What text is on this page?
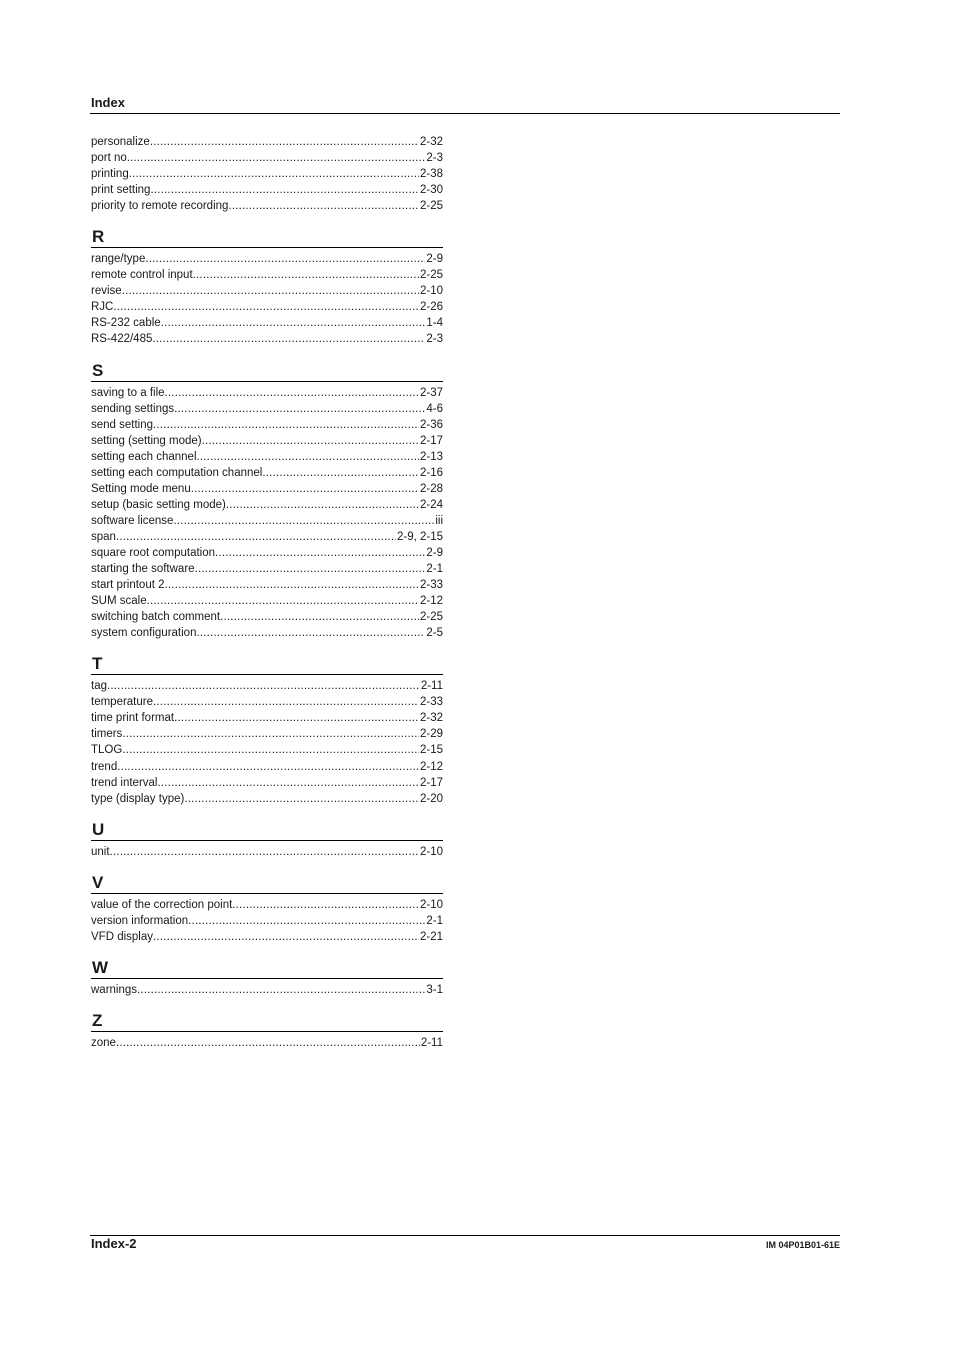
Index
personalize .....	2-32
port no. .....	2-3
printing .....	2-38
print setting .....	2-30
priority to remote recording .....	2-25
R
range/type .....	2-9
remote control input .....	2-25
revise .....	2-10
RJC .....	2-26
RS-232 cable .....	1-4
RS-422/485 .....	2-3
S
saving to a file .....	2-37
sending settings .....	4-6
send setting .....	2-36
setting (setting mode) .....	2-17
setting each channel .....	2-13
setting each computation channel .....	2-16
Setting mode menu .....	2-28
setup (basic setting mode) .....	2-24
software license .....	iii
span .....	2-9, 2-15
square root computation .....	2-9
starting the software .....	2-1
start printout 2 .....	2-33
SUM scale .....	2-12
switching batch comment .....	2-25
system configuration .....	2-5
T
tag .....	2-11
temperature .....	2-33
time print format .....	2-32
timers .....	2-29
TLOG .....	2-15
trend .....	2-12
trend interval .....	2-17
type (display type) .....	2-20
U
unit .....	2-10
V
value of the correction point .....	2-10
version information .....	2-1
VFD display .....	2-21
W
warnings .....	3-1
Z
zone .....	2-11
Index-2	IM 04P01B01-61E
